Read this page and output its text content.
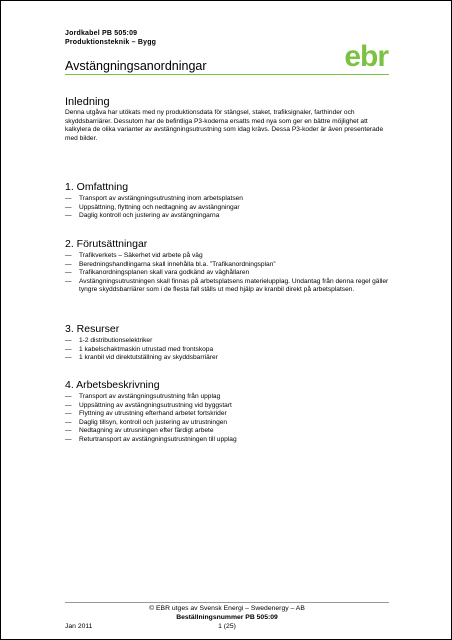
Jordkabel PB 505:09
Produktionsteknik – Bygg	ebr
Avstängningsanordningar
Inledning
Denna utgåva har utökats med ny produktionsdata för stängsel, staket, trafiksignaler, farthinder och skyddsbarriärer. Dessutom har de befintliga P3-koderna ersatts med nya som ger en bättre möjlighet att kalkylera de olika varianter av avstängningsutrustning som idag krävs. Dessa P3-koder är även presenterade med bilder.
1. Omfattning
— Transport av avstängningsutrustning inom arbetsplatsen
— Uppsättning, flyttning och nedtagning av avstängningar
— Daglig kontroll och justering av avstängningarna
2. Förutsättningar
— Trafikverkets – Säkerhet vid arbete på väg
— Beredningshandlingarna skall innehålla bl.a. ”Trafikanordningsplan”
— Trafikanordningsplanen skall vara godkänd av väghållaren
— Avstängningsutrustningen skall finnas på arbetsplatsens materielupplag. Undantag från denna regel gäller tyngre skyddsbarriärer som i de flesta fall ställs ut med hjälp av kranbil direkt på arbetsplatsen.
3. Resurser
— 1-2 distributionselektriker
— 1 kabelschaktmaskin utrustad med frontskopa
— 1 kranbil vid direktutställning av skyddsbarriärer
4. Arbetsbeskrivning
— Transport av avstängningsutrustning från upplag
— Uppsättning av avstängningsutrustning vid byggstart
— Flyttning av utrustning efterhand arbetet fortskrider
— Daglig tillsyn, kontroll och justering av utrustningen
— Nedtagning av utrusningen efter färdigt arbete
— Returtransport av avstängningsutrustningen till upplag
© EBR utges av Svensk Energi – Swedenergy – AB
Beställningsnummer PB 505:09
Jan 2011	1 (25)
